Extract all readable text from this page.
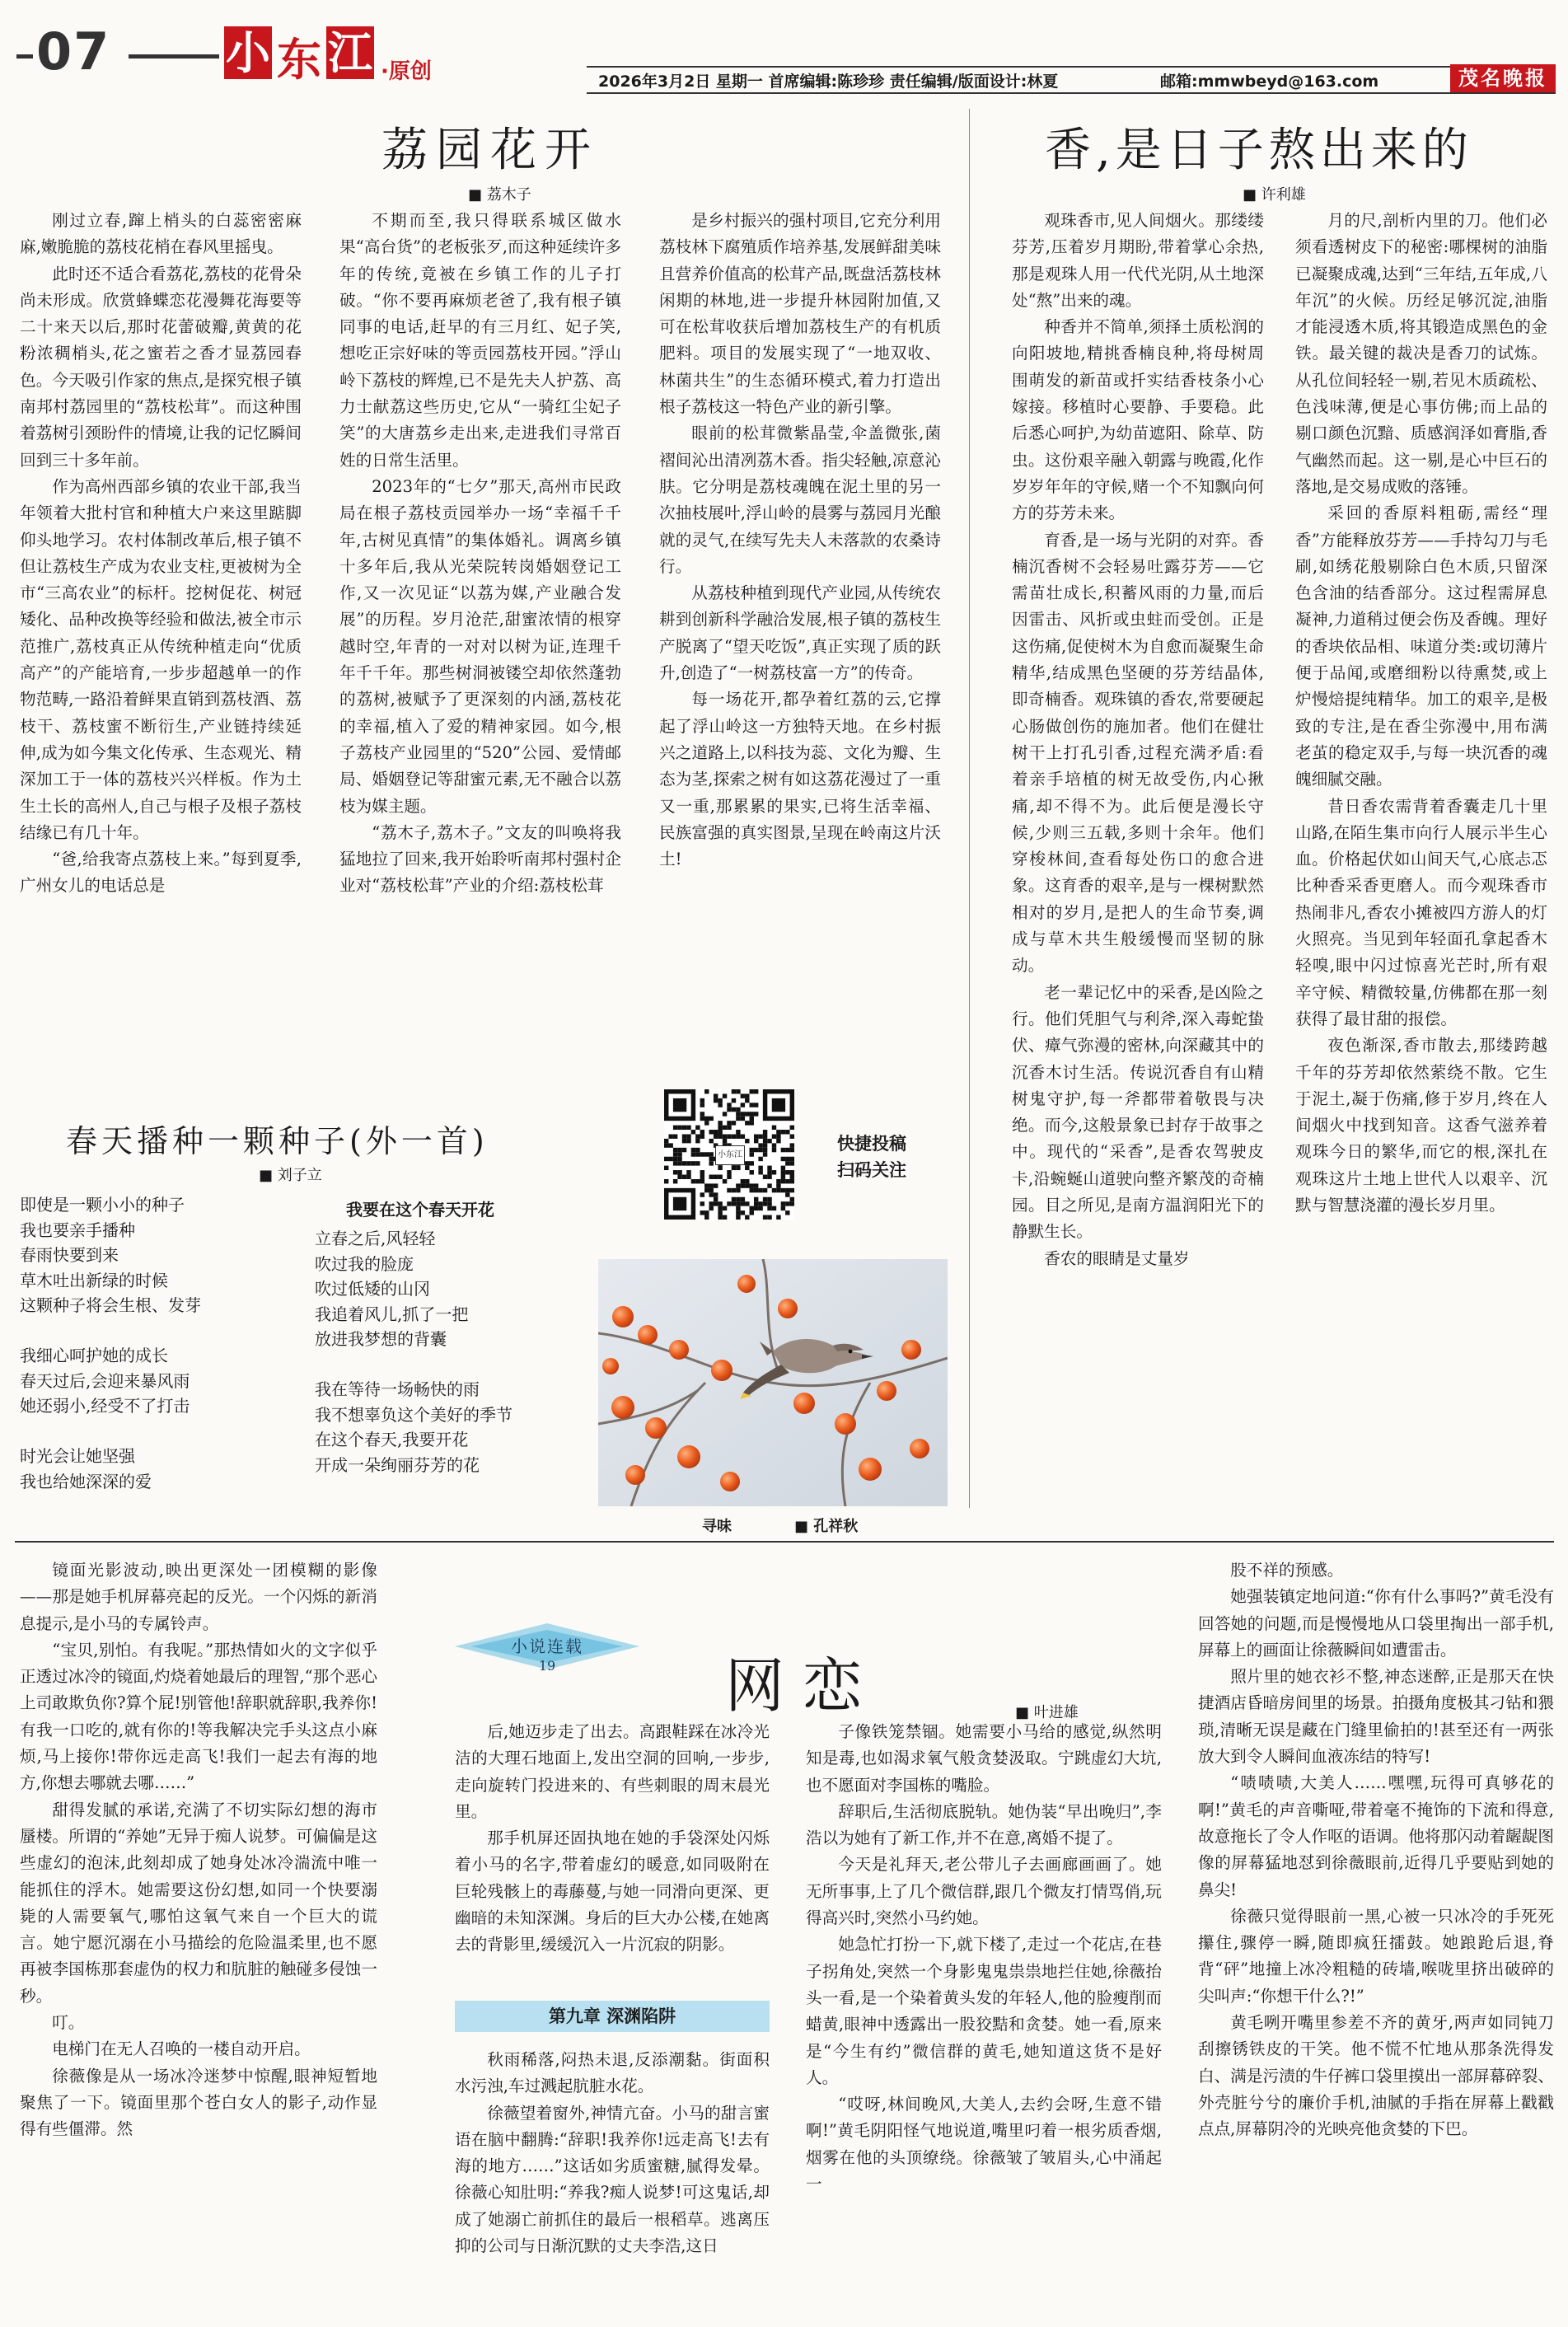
07	小 东 江 ·原创	2026年3月2日 星期一 首席编辑:陈珍珍 责任编辑/版面设计:林夏	邮箱:mmwbeyd@163.com	茂名晚报
荔园花开
■ 荔木子

刚过立春,蹿上梢头的白蕊密密麻麻,嫩脆脆的荔枝花梢在春风里摇曳。

此时还不适合看荔花,荔枝的花骨朵尚未形成。欣赏蜂蝶恋花漫舞花海要等二十来天以后,那时花蕾破瓣,黄黄的花粉浓稠梢头,花之蜜若之香才显荔园春色。今天吸引作家的焦点,是探究根子镇南邦村荔园里的“荔枝松茸”。而这种围着荔树引颈盼件的情境,让我的记忆瞬间回到三十多年前。

作为高州西部乡镇的农业干部,我当年领着大批村官和种植大户来这里踮脚仰头地学习。农村体制改革后,根子镇不但让荔枝生产成为农业支柱,更被树为全市“三高农业”的标杆。挖树促花、树冠矮化、品种改换等经验和做法,被全市示范推广,荔枝真正从传统种植走向“优质高产”的产能培育,一步步超越单一的作物范畴,一路沿着鲜果直销到荔枝酒、荔枝干、荔枝蜜不断衍生,产业链持续延伸,成为如今集文化传承、生态观光、精深加工于一体的荔枝兴兴样板。作为土生土长的高州人,自己与根子及根子荔枝结缘已有几十年。

“爸,给我寄点荔枝上来。”每到夏季,广州女儿的电话总是

不期而至,我只得联系城区做水果“高台货”的老板张歹,而这种延续许多年的传统,竟被在乡镇工作的儿子打破。“你不要再麻烦老爸了,我有根子镇同事的电话,赶早的有三月红、妃子笑,想吃正宗好味的等贡园荔枝开园。”浮山岭下荔枝的辉煌,已不是先夫人护荔、高力士献荔这些历史,它从“一骑红尘妃子笑”的大唐荔乡走出来,走进我们寻常百姓的日常生活里。

2023年的“七夕”那天,高州市民政局在根子荔枝贡园举办一场“幸福千千年,古树见真情”的集体婚礼。调离乡镇十多年后,我从光荣院转岗婚姻登记工作,又一次见证“以荔为媒,产业融合发展”的历程。岁月沧茫,甜蜜浓情的根穿越时空,年青的一对对以树为证,连理千年千千年。那些树洞被镂空却依然蓬勃的荔树,被赋予了更深刻的内涵,荔枝花的幸福,植入了爱的精神家园。如今,根子荔枝产业园里的“520”公园、爱情邮局、婚姻登记等甜蜜元素,无不融合以荔枝为媒主题。

“荔木子,荔木子。”文友的叫唤将我猛地拉了回来,我开始聆听南邦村强村企业对“荔枝松茸”产业的介绍:荔枝松茸

是乡村振兴的强村项目,它充分利用荔枝林下腐殖质作培养基,发展鲜甜美味且营养价值高的松茸产品,既盘活荔枝林闲期的林地,进一步提升林园附加值,又可在松茸收获后增加荔枝生产的有机质肥料。项目的发展实现了“一地双收、林菌共生”的生态循环模式,着力打造出根子荔枝这一特色产业的新引擎。

眼前的松茸微紫晶莹,伞盖微张,菌褶间沁出清冽荔木香。指尖轻触,凉意沁肤。它分明是荔枝魂魄在泥土里的另一次抽枝展叶,浮山岭的晨雾与荔园月光酿就的灵气,在续写先夫人未落款的农桑诗行。

从荔枝种植到现代产业园,从传统农耕到创新科学融洽发展,根子镇的荔枝生产脱离了“望天吃饭”,真正实现了质的跃升,创造了“一树荔枝富一方”的传奇。

每一场花开,都孕着红荔的云,它撑起了浮山岭这一方独特天地。在乡村振兴之道路上,以科技为蕊、文化为瓣、生态为茎,探索之树有如这荔花漫过了一重又一重,那累累的果实,已将生活幸福、民族富强的真实图景,呈现在岭南这片沃土!

香,是日子熬出来的
■ 许利雄

观珠香市,见人间烟火。那缕缕芬芳,压着岁月期盼,带着掌心余热,那是观珠人用一代代光阴,从土地深处“熬”出来的魂。

种香并不简单,须择土质松润的向阳坡地,精挑香楠良种,将母树周围萌发的新苗或扦实结香枝条小心嫁接。移植时心要静、手要稳。此后悉心呵护,为幼苗遮阳、除草、防虫。这份艰辛融入朝露与晚霞,化作岁岁年年的守候,赌一个不知飘向何方的芬芳未来。

育香,是一场与光阴的对弈。香楠沉香树不会轻易吐露芬芳——它需苗壮成长,积蓄风雨的力量,而后因雷击、风折或虫蛀而受创。正是这伤痛,促使树木为自愈而凝聚生命精华,结成黑色坚硬的芬芳结晶体,即奇楠香。观珠镇的香农,常要硬起心肠做创伤的施加者。他们在健壮树干上打孔引香,过程充满矛盾:看着亲手培植的树无故受伤,内心揪痛,却不得不为。此后便是漫长守候,少则三五载,多则十余年。他们穿梭林间,查看每处伤口的愈合进象。这育香的艰辛,是与一棵树默然相对的岁月,是把人的生命节奏,调成与草木共生般缓慢而坚韧的脉动。

老一辈记忆中的采香,是凶险之行。他们凭胆气与利斧,深入毒蛇蛰伏、瘴气弥漫的密林,向深藏其中的沉香木讨生活。传说沉香自有山精树鬼守护,每一斧都带着敬畏与决绝。而今,这般景象已封存于故事之中。现代的“采香”,是香农驾驶皮卡,沿蜿蜒山道驶向整齐繁茂的奇楠园。目之所见,是南方温润阳光下的静默生长。

香农的眼睛是丈量岁

月的尺,剖析内里的刀。他们必须看透树皮下的秘密:哪棵树的油脂已凝聚成魂,达到“三年结,五年成,八年沉”的火候。历经足够沉淀,油脂才能浸透木质,将其锻造成黑色的金铁。最关键的裁决是香刀的试炼。从孔位间轻轻一剔,若见木质疏松、色浅味薄,便是心事仿佛;而上品的剔口颜色沉黯、质感润泽如膏脂,香气幽然而起。这一剔,是心中巨石的落地,是交易成败的落锤。

采回的香原料粗砺,需经“理香”方能释放芬芳——手持勾刀与毛刷,如绣花般剔除白色木质,只留深色含油的结香部分。这过程需屏息凝神,力道稍过便会伤及香魄。理好的香块依品相、味道分类:或切薄片便于品闻,或磨细粉以待熏焚,或上炉慢焙提纯精华。加工的艰辛,是极致的专注,是在香尘弥漫中,用布满老茧的稳定双手,与每一块沉香的魂魄细腻交融。

昔日香农需背着香囊走几十里山路,在陌生集市向行人展示半生心血。价格起伏如山间天气,心底忐忑比种香采香更磨人。而今观珠香市热闹非凡,香农小摊被四方游人的灯火照亮。当见到年轻面孔拿起香木轻嗅,眼中闪过惊喜光芒时,所有艰辛守候、精微较量,仿佛都在那一刻获得了最甘甜的报偿。

夜色渐深,香市散去,那缕跨越千年的芬芳却依然萦绕不散。它生于泥土,凝于伤痛,修于岁月,终在人间烟火中找到知音。这香气滋养着观珠今日的繁华,而它的根,深扎在观珠这片土地上世代人以艰辛、沉默与智慧浇灌的漫长岁月里。

春天播种一颗种子(外一首)
■ 刘子立
即使是一颗小小的种子
我也要亲手播种
春雨快要到来
草木吐出新绿的时候
这颗种子将会生根、发芽
我细心呵护她的成长
春天过后,会迎来暴风雨
她还弱小,经受不了打击
时光会让她坚强
我也给她深深的爱
我要在这个春天开花
立春之后,风轻轻
吹过我的脸庞
吹过低矮的山冈
我追着风儿,抓了一把
放进我梦想的背囊
我在等待一场畅快的雨
我不想辜负这个美好的季节
在这个春天,我要开花
开成一朵绚丽芬芳的花
小东江
快捷投稿
扫码关注
寻味	■ 孔祥秋

镜面光影波动,映出更深处一团模糊的影像——那是她手机屏幕亮起的反光。一个闪烁的新消息提示,是小马的专属铃声。

“宝贝,别怕。有我呢。”那热情如火的文字似乎正透过冰冷的镜面,灼烧着她最后的理智,“那个恶心上司敢欺负你?算个屁!别管他!辞职就辞职,我养你!有我一口吃的,就有你的!等我解决完手头这点小麻烦,马上接你!带你远走高飞!我们一起去有海的地方,你想去哪就去哪……”

甜得发腻的承诺,充满了不切实际幻想的海市蜃楼。所谓的“养她”无异于痴人说梦。可偏偏是这些虚幻的泡沫,此刻却成了她身处冰冷湍流中唯一能抓住的浮木。她需要这份幻想,如同一个快要溺毙的人需要氧气,哪怕这氧气来自一个巨大的谎言。她宁愿沉溺在小马描绘的危险温柔里,也不愿再被李国栋那套虚伪的权力和肮脏的触碰多侵蚀一秒。

叮。

电梯门在无人召唤的一楼自动开启。

徐薇像是从一场冰冷迷梦中惊醒,眼神短暂地聚焦了一下。镜面里那个苍白女人的影子,动作显得有些僵滞。然

小说连载
19	网恋	■ 叶进雄

后,她迈步走了出去。高跟鞋踩在冰冷光洁的大理石地面上,发出空洞的回响,一步步,走向旋转门投进来的、有些刺眼的周末晨光里。

那手机屏还固执地在她的手袋深处闪烁着小马的名字,带着虚幻的暖意,如同吸附在巨轮残骸上的毒藤蔓,与她一同滑向更深、更幽暗的未知深渊。身后的巨大办公楼,在她离去的背影里,缓缓沉入一片沉寂的阴影。

第九章 深渊陷阱

秋雨稀落,闷热未退,反添潮黏。街面积水污浊,车过溅起肮脏水花。

徐薇望着窗外,神情亢奋。小马的甜言蜜语在脑中翻腾:“辞职!我养你!远走高飞!去有海的地方……”这话如劣质蜜糖,腻得发晕。徐薇心知肚明:“养我?痴人说梦!可这鬼话,却成了她溺亡前抓住的最后一根稻草。逃离压抑的公司与日渐沉默的丈夫李浩,这日

子像铁笼禁锢。她需要小马给的感觉,纵然明知是毒,也如渴求氧气般贪婪汲取。宁跳虚幻大坑,也不愿面对李国栋的嘴脸。

辞职后,生活彻底脱轨。她伪装“早出晚归”,李浩以为她有了新工作,并不在意,离婚不提了。

今天是礼拜天,老公带儿子去画廊画画了。她无所事事,上了几个微信群,跟几个微友打情骂俏,玩得高兴时,突然小马约她。

她急忙打扮一下,就下楼了,走过一个花店,在巷子拐角处,突然一个身影鬼鬼祟祟地拦住她,徐薇抬头一看,是一个染着黄头发的年轻人,他的脸瘦削而蜡黄,眼神中透露出一股狡黠和贪婪。她一看,原来是“今生有约”微信群的黄毛,她知道这货不是好人。

“哎呀,林间晚风,大美人,去约会呀,生意不错啊!”黄毛阴阳怪气地说道,嘴里叼着一根劣质香烟,烟雾在他的头顶缭绕。徐薇皱了皱眉头,心中涌起一

股不祥的预感。

她强装镇定地问道:“你有什么事吗?”黄毛没有回答她的问题,而是慢慢地从口袋里掏出一部手机,屏幕上的画面让徐薇瞬间如遭雷击。

照片里的她衣衫不整,神态迷醉,正是那天在快捷酒店昏暗房间里的场景。拍摄角度极其刁钻和猥琐,清晰无误是藏在门缝里偷拍的!甚至还有一两张放大到令人瞬间血液冻结的特写!

“啧啧啧,大美人……嘿嘿,玩得可真够花的啊!”黄毛的声音嘶哑,带着毫不掩饰的下流和得意,故意拖长了令人作呕的语调。他将那闪动着龌龊图像的屏幕猛地怼到徐薇眼前,近得几乎要贴到她的鼻尖!

徐薇只觉得眼前一黑,心被一只冰冷的手死死攥住,骤停一瞬,随即疯狂擂鼓。她踉跄后退,脊背“砰”地撞上冰冷粗糙的砖墙,喉咙里挤出破碎的尖叫声:“你想干什么?!”

黄毛咧开嘴里参差不齐的黄牙,两声如同钝刀刮擦锈铁皮的干笑。他不慌不忙地从那条洗得发白、满是污渍的牛仔裤口袋里摸出一部屏幕碎裂、外壳脏兮兮的廉价手机,油腻的手指在屏幕上戳戳点点,屏幕阴冷的光映亮他贪婪的下巴。
